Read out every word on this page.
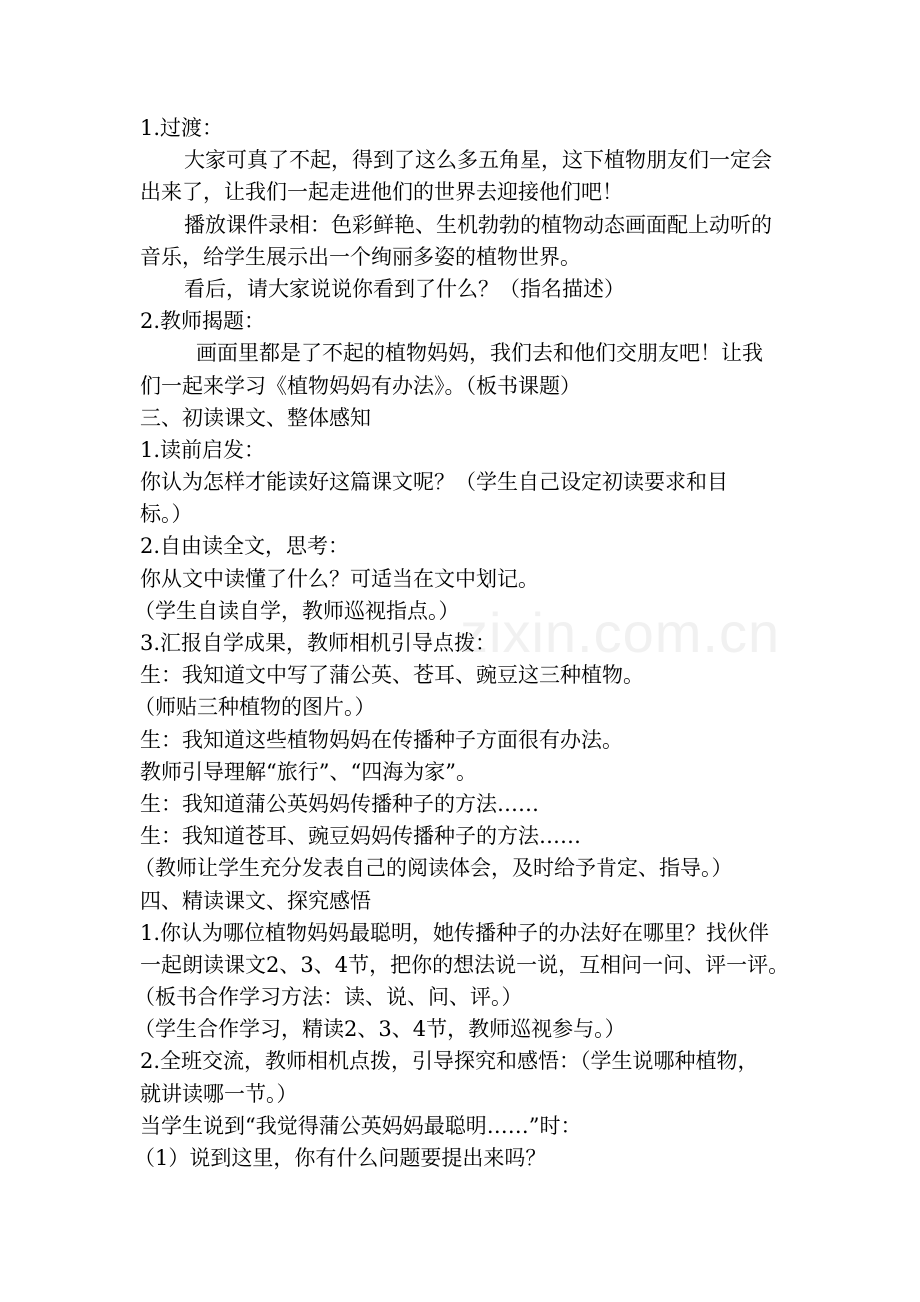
zixin.com.cn
1.过渡：
大家可真了不起，得到了这么多五角星，这下植物朋友们一定会
出来了，让我们一起走进他们的世界去迎接他们吧！
播放课件录相：色彩鲜艳、生机勃勃的植物动态画面配上动听的
音乐，给学生展示出一个绚丽多姿的植物世界。
看后，请大家说说你看到了什么？（指名描述）
2.教师揭题：
画面里都是了不起的植物妈妈，我们去和他们交朋友吧！让我
们一起来学习《植物妈妈有办法》。（板书课题）
三、初读课文、整体感知
1.读前启发：
你认为怎样才能读好这篇课文呢？（学生自己设定初读要求和目
标。）
2.自由读全文，思考：
你从文中读懂了什么？可适当在文中划记。
（学生自读自学，教师巡视指点。）
3.汇报自学成果，教师相机引导点拨：
生：我知道文中写了蒲公英、苍耳、豌豆这三种植物。
（师贴三种植物的图片。）
生：我知道这些植物妈妈在传播种子方面很有办法。
教师引导理解“旅行”、“四海为家”。
生：我知道蒲公英妈妈传播种子的方法……
生：我知道苍耳、豌豆妈妈传播种子的方法……
（教师让学生充分发表自己的阅读体会，及时给予肯定、指导。）
四、精读课文、探究感悟
1.你认为哪位植物妈妈最聪明，她传播种子的办法好在哪里？找伙伴
一起朗读课文2、3、4节，把你的想法说一说，互相问一问、评一评。
（板书合作学习方法：读、说、问、评。）
（学生合作学习，精读2、3、4节，教师巡视参与。）
2.全班交流，教师相机点拨，引导探究和感悟：（学生说哪种植物，
就讲读哪一节。）
当学生说到“我觉得蒲公英妈妈最聪明……”时：
（1）说到这里，你有什么问题要提出来吗？
